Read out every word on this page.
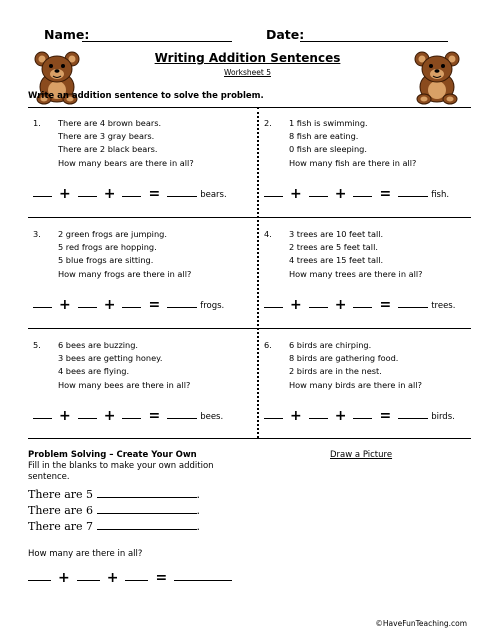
Name:	Date:
Writing Addition Sentences
Worksheet 5
Write an addition sentence to solve the problem.
1. There are 4 brown bears.
There are 3 gray bears.
There are 2 black bears.
How many bears are there in all?
+ + =	bears.
2. 1 fish is swimming.
8 fish are eating.
0 fish are sleeping.
How many fish are there in all?
+ + =	fish.
3. 2 green frogs are jumping.
5 red frogs are hopping.
5 blue frogs are sitting.
How many frogs are there in all?
+ + =	frogs.
4. 3 trees are 10 feet tall.
2 trees are 5 feet tall.
4 trees are 15 feet tall.
How many trees are there in all?
+ + =	trees.
5. 6 bees are buzzing.
3 bees are getting honey.
4 bees are flying.
How many bees are there in all?
+ + =	bees.
6. 6 birds are chirping.
8 birds are gathering food.
2 birds are in the nest.
How many birds are there in all?
+ + =	birds.
Problem Solving – Create Your Own
Fill in the blanks to make your own addition sentence.
There are 5	.
There are 6	.
There are 7	.
How many are there in all?
+	+	=
Draw a Picture
©HaveFunTeaching.com
